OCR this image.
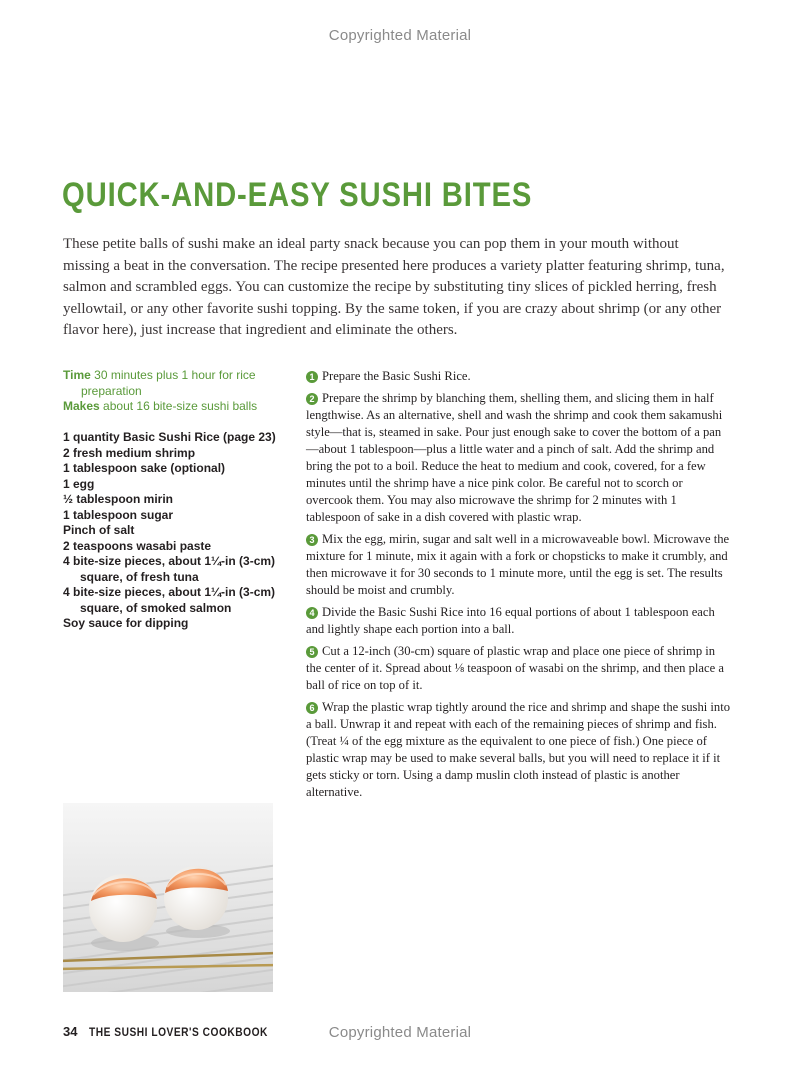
Copyrighted Material
QUICK-AND-EASY SUSHI BITES

These petite balls of sushi make an ideal party snack because you can pop them in your mouth without missing a beat in the conversation. The recipe presented here produces a variety platter featuring shrimp, tuna, salmon and scrambled eggs. You can customize the recipe by substituting tiny slices of pickled herring, fresh yellowtail, or any other favorite sushi topping. By the same token, if you are crazy about shrimp (or any other flavor here), just increase that ingredient and eliminate the others.

Time 30 minutes plus 1 hour for rice preparation
Makes about 16 bite-size sushi balls
1 quantity Basic Sushi Rice (page 23)
2 fresh medium shrimp
1 tablespoon sake (optional)
1 egg
½ tablespoon mirin
1 tablespoon sugar
Pinch of salt
2 teaspoons wasabi paste
4 bite-size pieces, about 1¼-in (3-cm) square, of fresh tuna
4 bite-size pieces, about 1¼-in (3-cm) square, of smoked salmon
Soy sauce for dipping

1 Prepare the Basic Sushi Rice.

2 Prepare the shrimp by blanching them, shelling them, and slicing them in half lengthwise. As an alternative, shell and wash the shrimp and cook them sakamushi style—that is, steamed in sake. Pour just enough sake to cover the bottom of a pan—about 1 tablespoon—plus a little water and a pinch of salt. Add the shrimp and bring the pot to a boil. Reduce the heat to medium and cook, covered, for a few minutes until the shrimp have a nice pink color. Be careful not to scorch or overcook them. You may also microwave the shrimp for 2 minutes with 1 tablespoon of sake in a dish covered with plastic wrap.

3 Mix the egg, mirin, sugar and salt well in a microwaveable bowl. Microwave the mixture for 1 minute, mix it again with a fork or chopsticks to make it crumbly, and then microwave it for 30 seconds to 1 minute more, until the egg is set. The results should be moist and crumbly.

4 Divide the Basic Sushi Rice into 16 equal portions of about 1 tablespoon each and lightly shape each portion into a ball.

5 Cut a 12-inch (30-cm) square of plastic wrap and place one piece of shrimp in the center of it. Spread about ⅛ teaspoon of wasabi on the shrimp, and then place a ball of rice on top of it.

6 Wrap the plastic wrap tightly around the rice and shrimp and shape the sushi into a ball. Unwrap it and repeat with each of the remaining pieces of shrimp and fish. (Treat ¼ of the egg mixture as the equivalent to one piece of fish.) One piece of plastic wrap may be used to make several balls, but you will need to replace it if it gets sticky or torn. Using a damp muslin cloth instead of plastic is another alternative.

34 THE SUSHI LOVER'S COOKBOOK	Copyrighted Material
